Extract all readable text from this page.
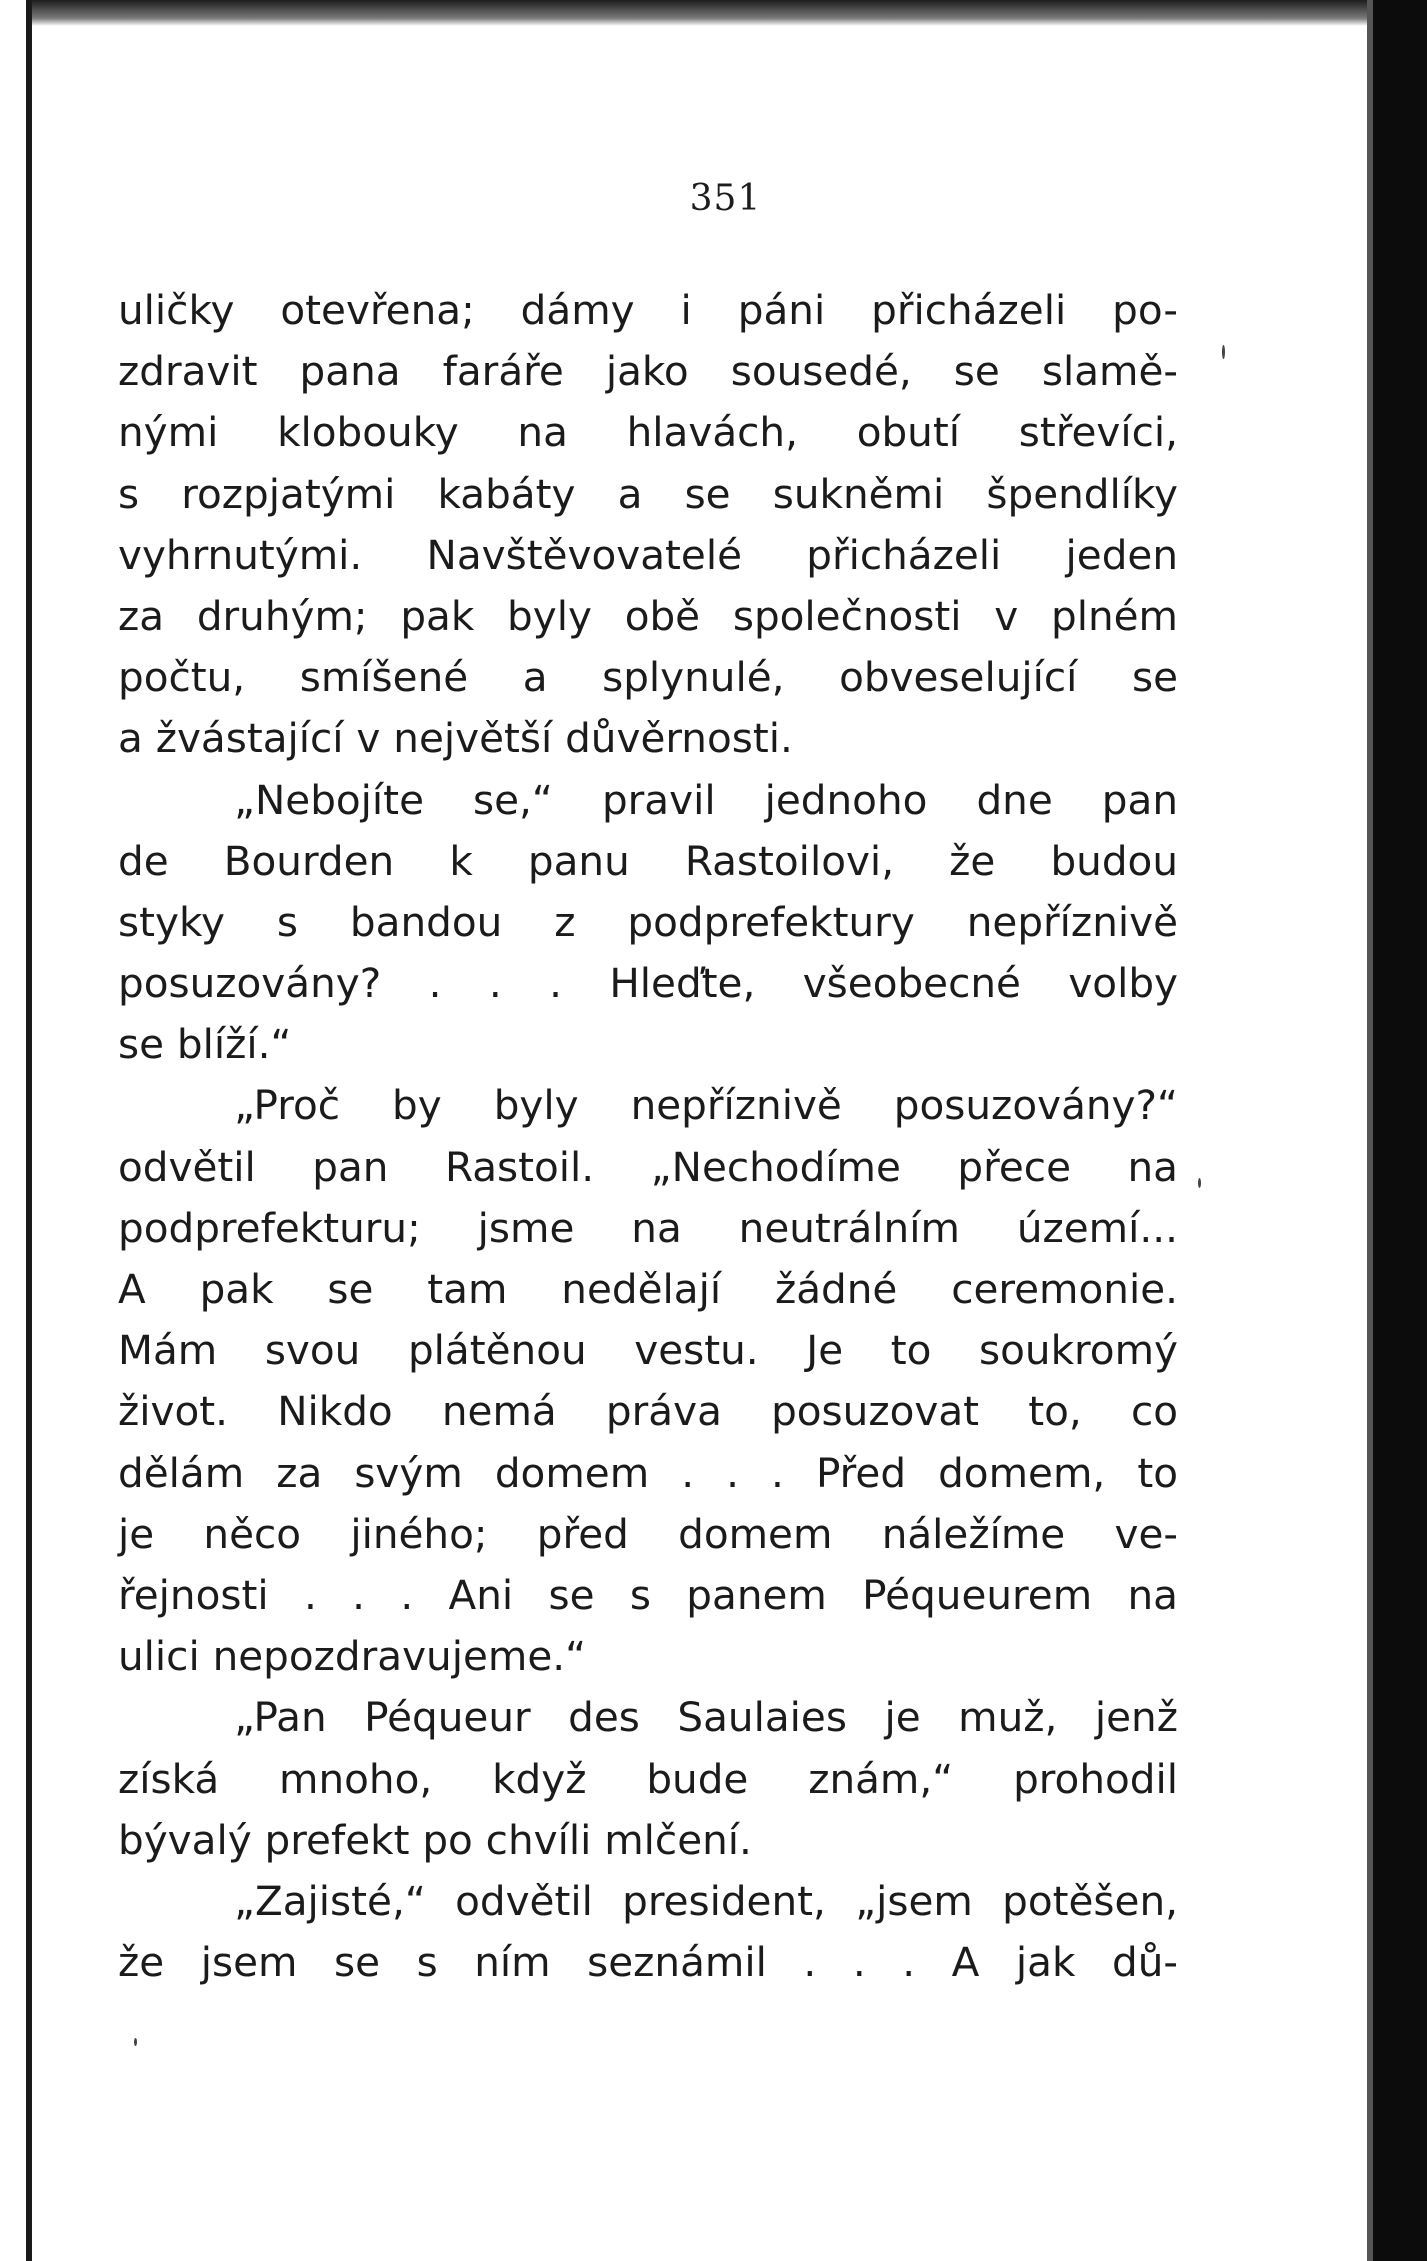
351
uličky otevřena; dámy i páni přicházeli po-
zdravit pana faráře jako sousedé, se slamě-
nými klobouky na hlavách, obutí střevíci,
s rozpjatými kabáty a se sukněmi špendlíky
vyhrnutými. Navštěvovatelé přicházeli jeden
za druhým; pak byly obě společnosti v plném
počtu, smíšené a splynulé, obveselující se
a žvástající v největší důvěrnosti.
„Nebojíte se,“ pravil jednoho dne pan
de Bourden k panu Rastoilovi, že budou
styky s bandou z podprefektury nepříznivě
posuzovány? . . . Hleďte, všeobecné volby
se blíží.“
„Proč by byly nepříznivě posuzovány?“
odvětil pan Rastoil. „Nechodíme přece na
podprefekturu; jsme na neutrálním území...
A pak se tam nedělají žádné ceremonie.
Mám svou plátěnou vestu. Je to soukromý
život. Nikdo nemá práva posuzovat to, co
dělám za svým domem . . . Před domem, to
je něco jiného; před domem náležíme ve-
řejnosti . . . Ani se s panem Péqueurem na
ulici nepozdravujeme.“
„Pan Péqueur des Saulaies je muž, jenž
získá mnoho, když bude znám,“ prohodil
bývalý prefekt po chvíli mlčení.
„Zajisté,“ odvětil president, „jsem potěšen,
že jsem se s ním seznámil . . . A jak dů-
